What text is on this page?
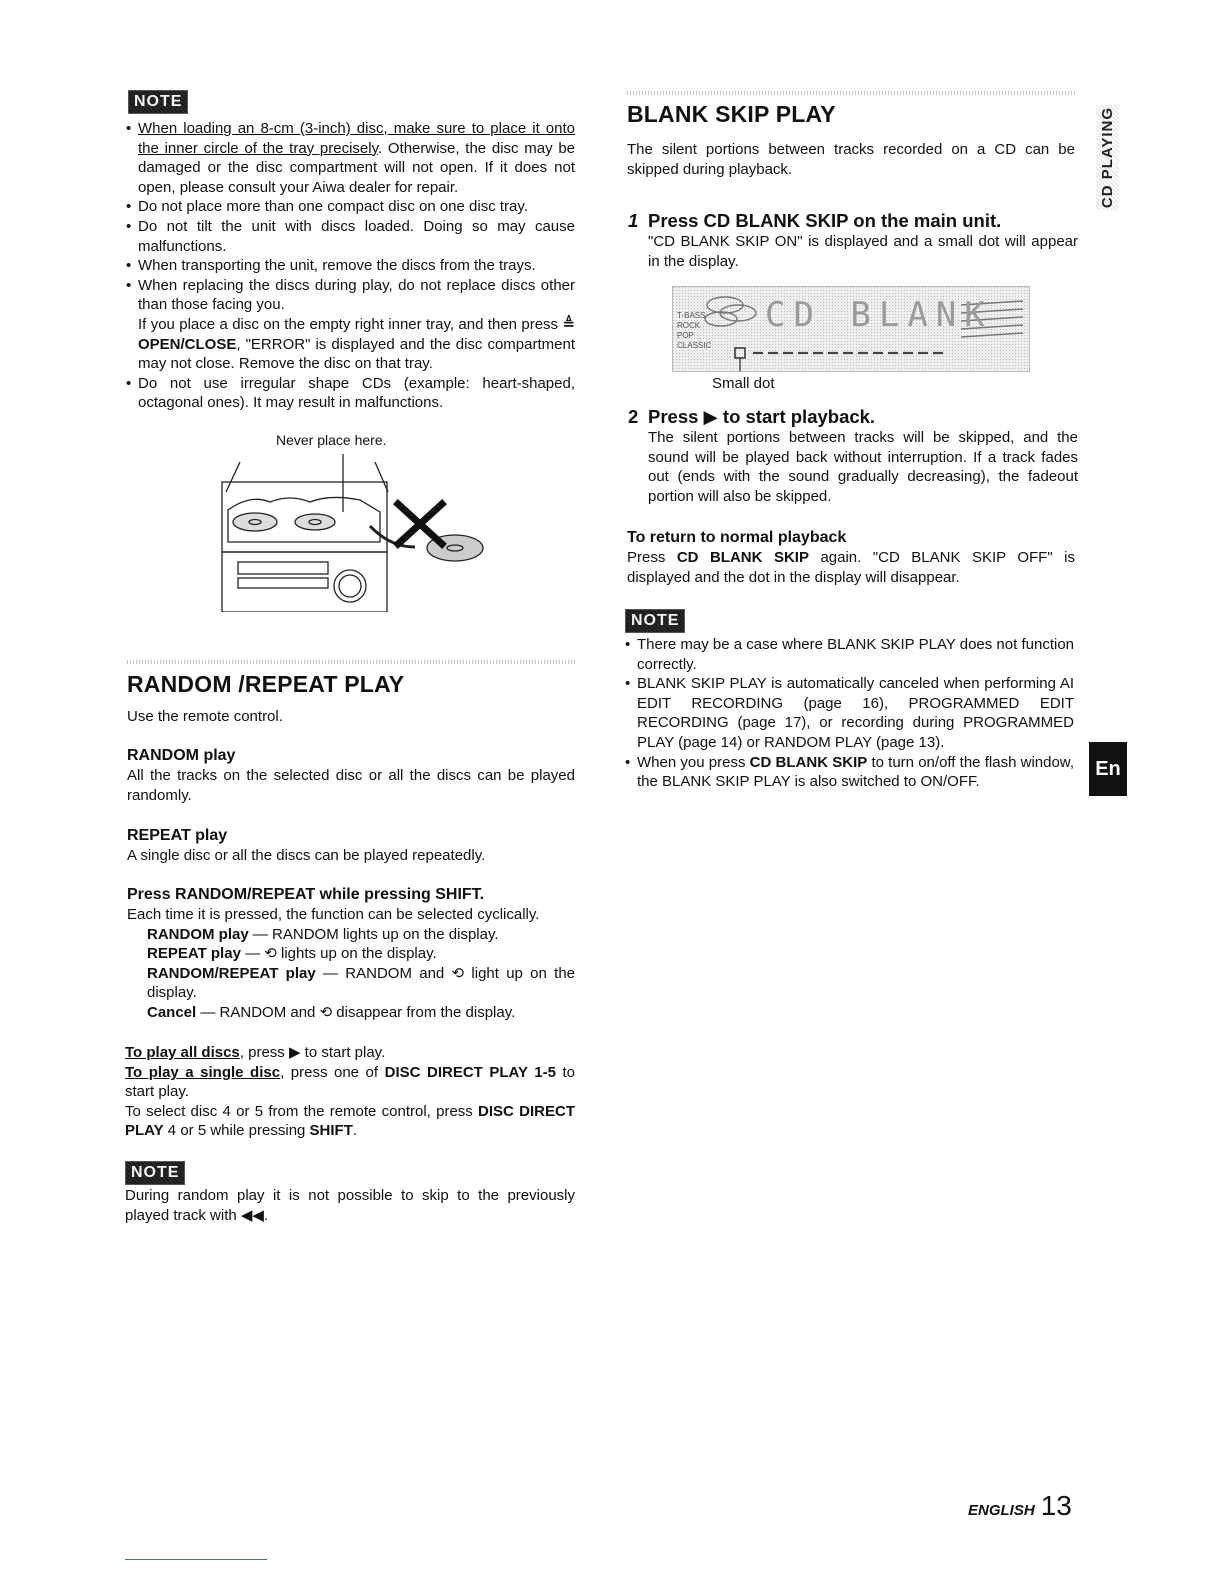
NOTE
• When loading an 8-cm (3-inch) disc, make sure to place it onto the inner circle of the tray precisely. Otherwise, the disc may be damaged or the disc compartment will not open. If it does not open, please consult your Aiwa dealer for repair.
• Do not place more than one compact disc on one disc tray.
• Do not tilt the unit with discs loaded. Doing so may cause malfunctions.
• When transporting the unit, remove the discs from the trays.
• When replacing the discs during play, do not replace discs other than those facing you.
If you place a disc on the empty right inner tray, and then press ≜ OPEN/CLOSE, "ERROR" is displayed and the disc compartment may not close. Remove the disc on that tray.
• Do not use irregular shape CDs (example: heart-shaped, octagonal ones). It may result in malfunctions.
Never place here.
RANDOM /REPEAT PLAY

Use the remote control.

RANDOM play

All the tracks on the selected disc or all the discs can be played randomly.

REPEAT play

A single disc or all the discs can be played repeatedly.

Press RANDOM/REPEAT while pressing SHIFT.

Each time it is pressed, the function can be selected cyclically.

RANDOM play — RANDOM lights up on the display.

REPEAT play — ⟲ lights up on the display.

RANDOM/REPEAT play — RANDOM and ⟲ light up on the display.

Cancel — RANDOM and ⟲ disappear from the display.

To play all discs, press ▶ to start play.

To play a single disc, press one of DISC DIRECT PLAY 1-5 to start play.

To select disc 4 or 5 from the remote control, press DISC DIRECT PLAY 4 or 5 while pressing SHIFT.

NOTE

During random play it is not possible to skip to the previously played track with ◀◀.

BLANK SKIP PLAY

The silent portions between tracks recorded on a CD can be skipped during playback.

1 Press CD BLANK SKIP on the main unit.

"CD BLANK SKIP ON" is displayed and a small dot will appear in the display.

CD BLANK
T-BASS
ROCK
POP
CLASSIC
Small dot
2 Press ▶ to start playback.

The silent portions between tracks will be skipped, and the sound will be played back without interruption. If a track fades out (ends with the sound gradually decreasing), the fadeout portion will also be skipped.

To return to normal playback

Press CD BLANK SKIP again. "CD BLANK SKIP OFF" is displayed and the dot in the display will disappear.

NOTE
• There may be a case where BLANK SKIP PLAY does not function correctly.
• BLANK SKIP PLAY is automatically canceled when performing AI EDIT RECORDING (page 16), PROGRAMMED EDIT RECORDING (page 17), or recording during PROGRAMMED PLAY (page 14) or RANDOM PLAY (page 13).
• When you press CD BLANK SKIP to turn on/off the flash window, the BLANK SKIP PLAY is also switched to ON/OFF.
CD PLAYING
En
ENGLISH 13
